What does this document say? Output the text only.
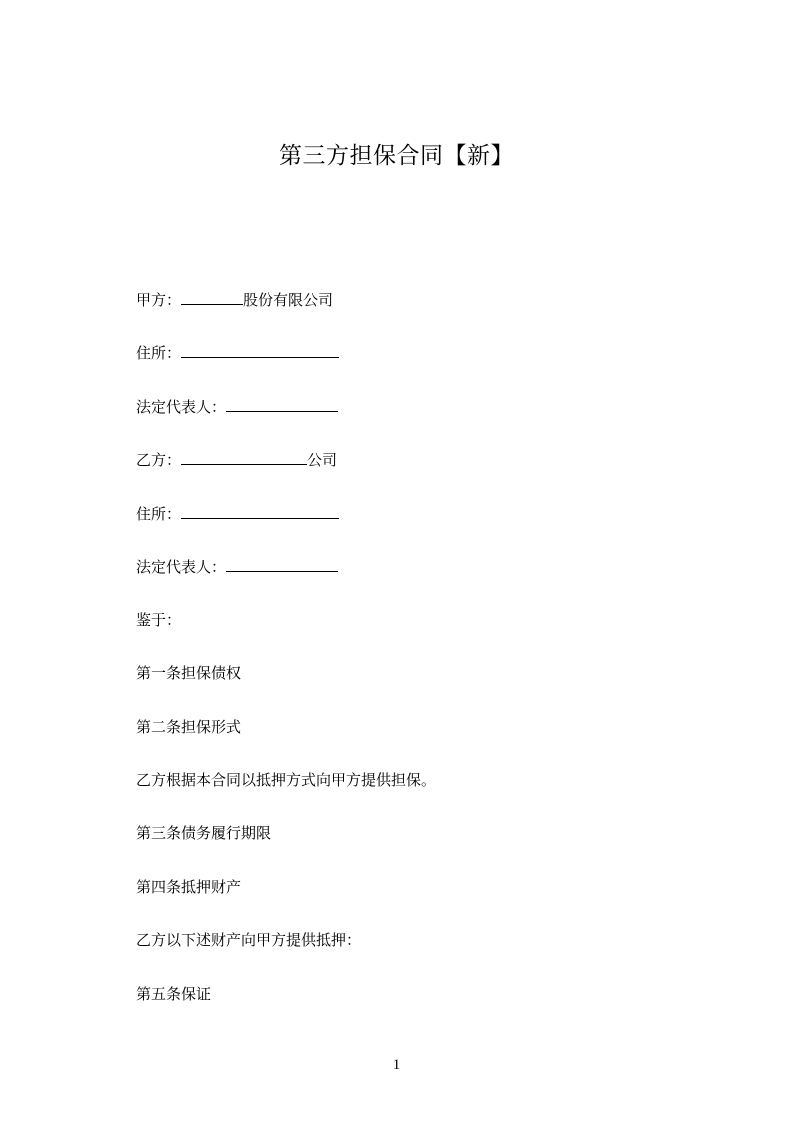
第三方担保合同【新】
甲方：	股份有限公司
住所：
法定代表人：
乙方：	公司
住所：
法定代表人：
鉴于：
第一条担保债权
第二条担保形式
乙方根据本合同以抵押方式向甲方提供担保。
第三条债务履行期限
第四条抵押财产
乙方以下述财产向甲方提供抵押：
第五条保证
1
